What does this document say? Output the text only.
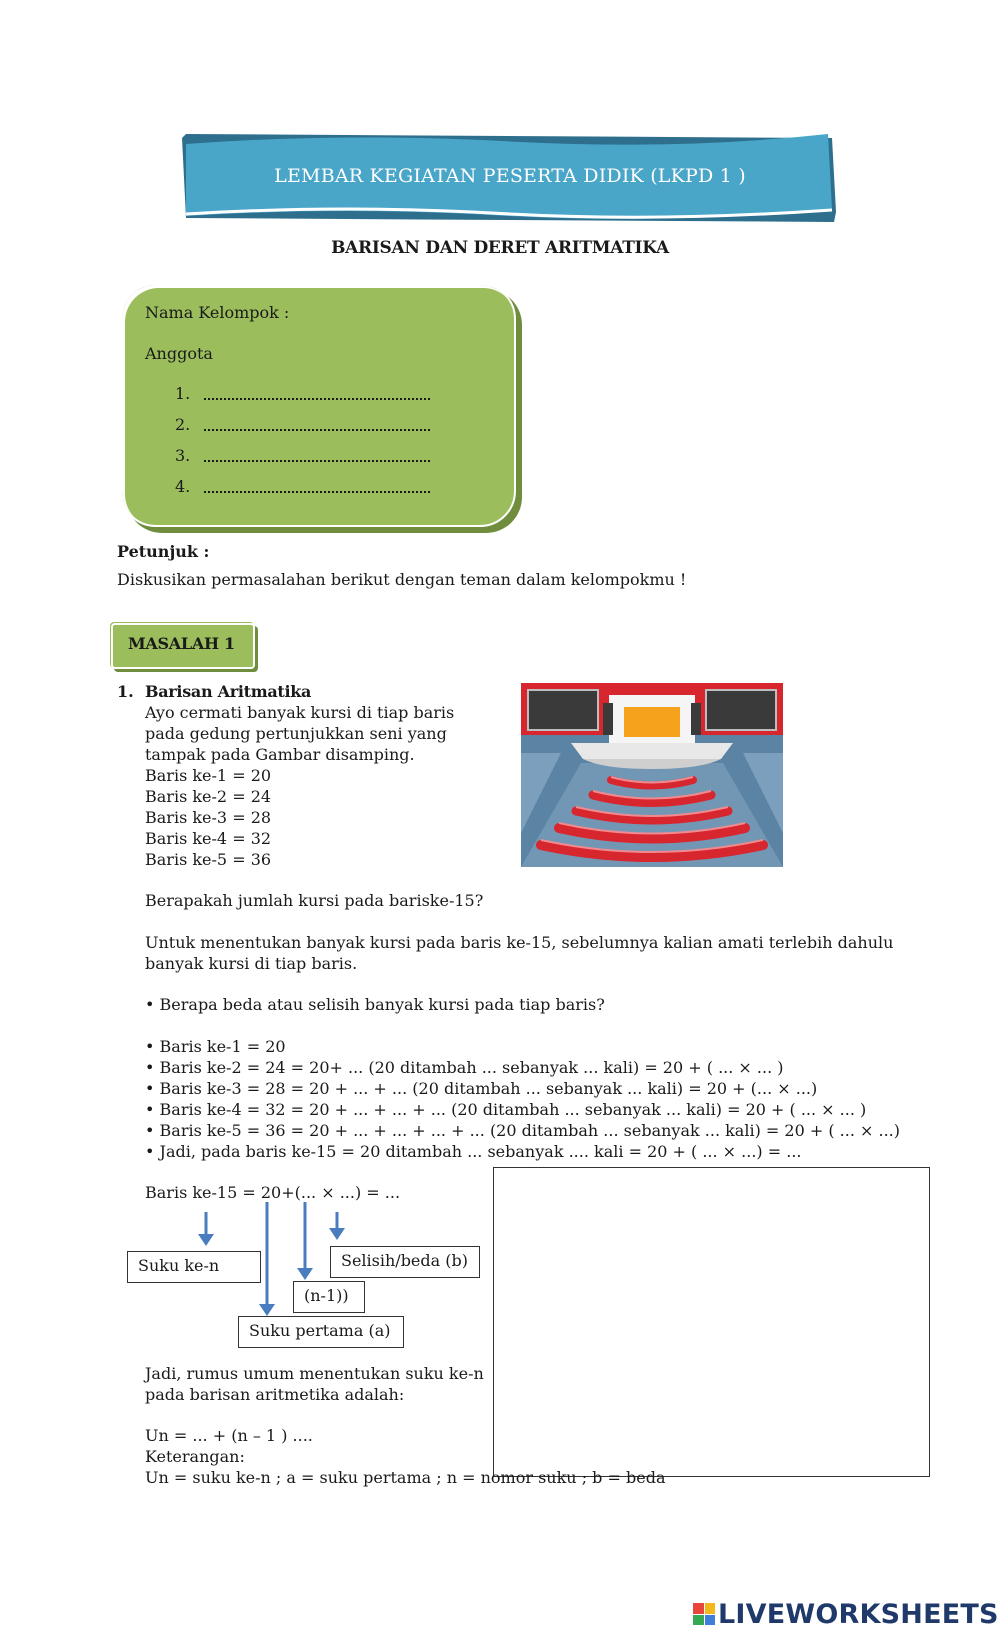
LEMBAR KEGIATAN PESERTA DIDIK (LKPD 1 )
BARISAN DAN DERET ARITMATIKA
Nama Kelompok :
Anggota
1.
2.
3.
4.
Petunjuk :
Diskusikan permasalahan berikut dengan teman dalam kelompokmu !
MASALAH 1
1. Barisan Aritmatika
Ayo cermati banyak kursi di tiap baris
pada gedung pertunjukkan seni yang
tampak pada Gambar disamping.
Baris ke-1 = 20
Baris ke-2 = 24
Baris ke-3 = 28
Baris ke-4 = 32
Baris ke-5 = 36
Berapakah jumlah kursi pada bariske-15?
Untuk menentukan banyak kursi pada baris ke-15, sebelumnya kalian amati terlebih dahulu
banyak kursi di tiap baris.
• Berapa beda atau selisih banyak kursi pada tiap baris?
• Baris ke-1 = 20
• Baris ke-2 = 24 = 20+ ... (20 ditambah ... sebanyak ... kali) = 20 + ( ... × ... )
• Baris ke-3 = 28 = 20 + ... + ... (20 ditambah ... sebanyak ... kali) = 20 + (... × ...)
• Baris ke-4 = 32 = 20 + ... + ... + ... (20 ditambah ... sebanyak ... kali) = 20 + ( ... × ... )
• Baris ke-5 = 36 = 20 + ... + ... + ... + ... (20 ditambah ... sebanyak ... kali) = 20 + ( ... × ...)
• Jadi, pada baris ke-15 = 20 ditambah ... sebanyak .... kali = 20 + ( ... × ...) = ...
Baris ke-15 = 20+(... × ...) = ...
Suku ke-n	Selisih/beda (b)
(n-1))
Suku pertama (a)
Jadi, rumus umum menentukan suku ke-n
pada barisan aritmetika adalah:
Un = ... + (n – 1 ) ....
Keterangan:
Un = suku ke-n ; a = suku pertama ; n = nomor suku ; b = beda
LIVEWORKSHEETS
